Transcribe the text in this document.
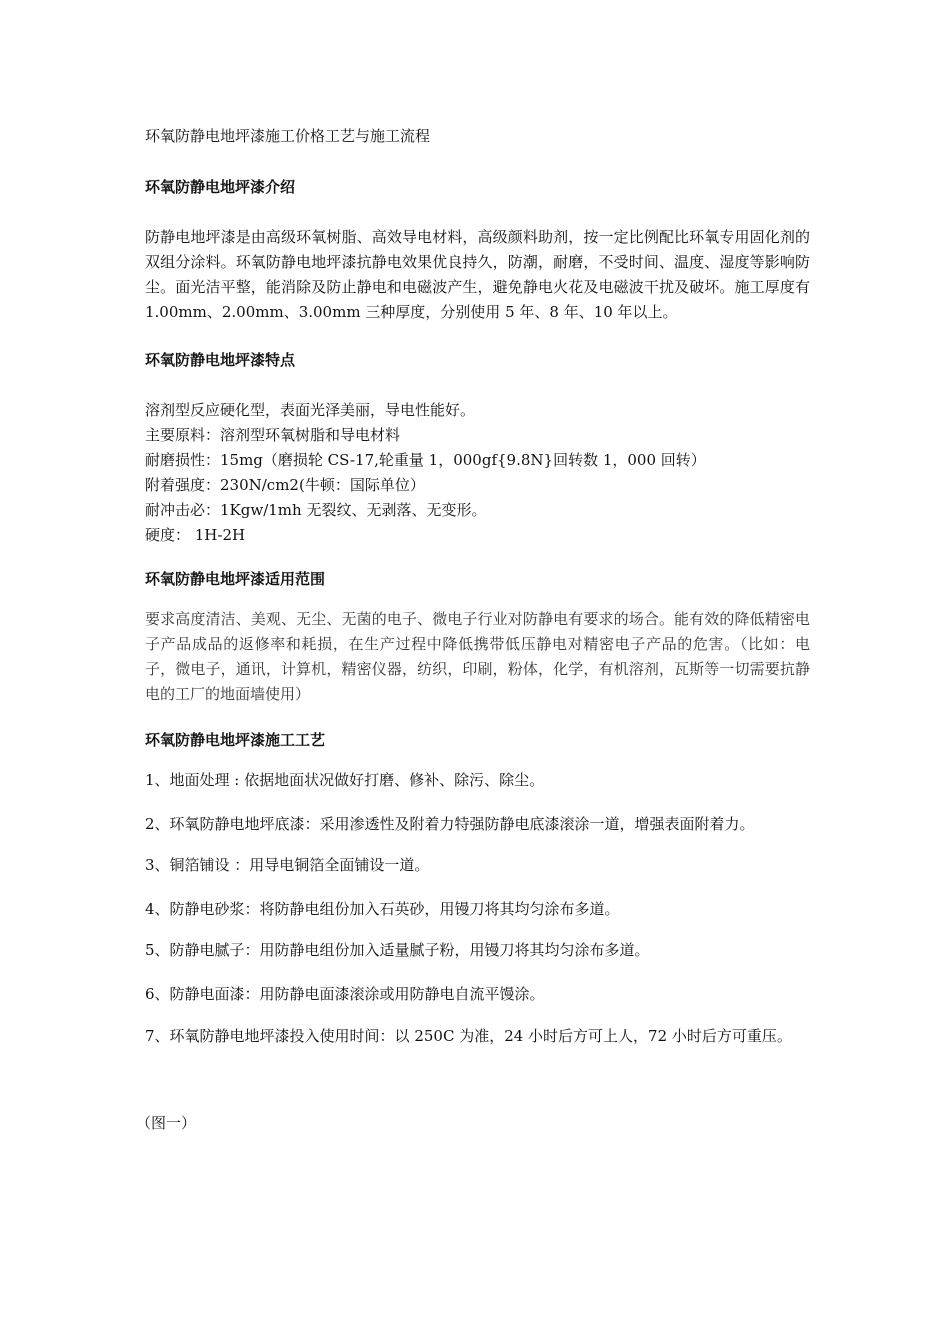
环氧防静电地坪漆施工价格工艺与施工流程

环氧防静电地坪漆介绍

防静电地坪漆是由高级环氧树脂、高效导电材料，高级颜料助剂，按一定比例配比环氧专用固化剂的双组分涂料。环氧防静电地坪漆抗静电效果优良持久，防潮，耐磨，不受时间、温度、湿度等影响防尘。面光洁平整，能消除及防止静电和电磁波产生，避免静电火花及电磁波干扰及破坏。施工厚度有 1.00mm、2.00mm、3.00mm 三种厚度，分别使用 5 年、8 年、10 年以上。

环氧防静电地坪漆特点

溶剂型反应硬化型，表面光泽美丽，导电性能好。
主要原料：溶剂型环氧树脂和导电材料
耐磨损性：15mg（磨损轮 CS-17,轮重量 1，000gf{9.8N}回转数 1，000 回转）
附着强度：230N/cm2(牛顿：国际单位）
耐冲击必：1Kgw/1mh 无裂纹、无剥落、无变形。
硬度： 1H-2H

环氧防静电地坪漆适用范围

要求高度清洁、美观、无尘、无菌的电子、微电子行业对防静电有要求的场合。能有效的降低精密电子产品成品的返修率和耗损，在生产过程中降低携带低压静电对精密电子产品的危害。（比如：电子，微电子，通讯，计算机，精密仪器，纺织，印刷，粉体，化学，有机溶剂，瓦斯等一切需要抗静电的工厂的地面墙使用）

环氧防静电地坪漆施工工艺

1、地面处理 : 依据地面状况做好打磨、修补、除污、除尘。

2、环氧防静电地坪底漆：采用渗透性及附着力特强防静电底漆滚涂一道，增强表面附着力。

3、铜箔铺设 ：用导电铜箔全面铺设一道。

4、防静电砂浆：将防静电组份加入石英砂，用镘刀将其均匀涂布多道。

5、防静电腻子：用防静电组份加入适量腻子粉，用镘刀将其均匀涂布多道。

6、防静电面漆：用防静电面漆滚涂或用防静电自流平馒涂。

7、环氧防静电地坪漆投入使用时间：以 250C 为准，24 小时后方可上人，72 小时后方可重压。

（图一）
